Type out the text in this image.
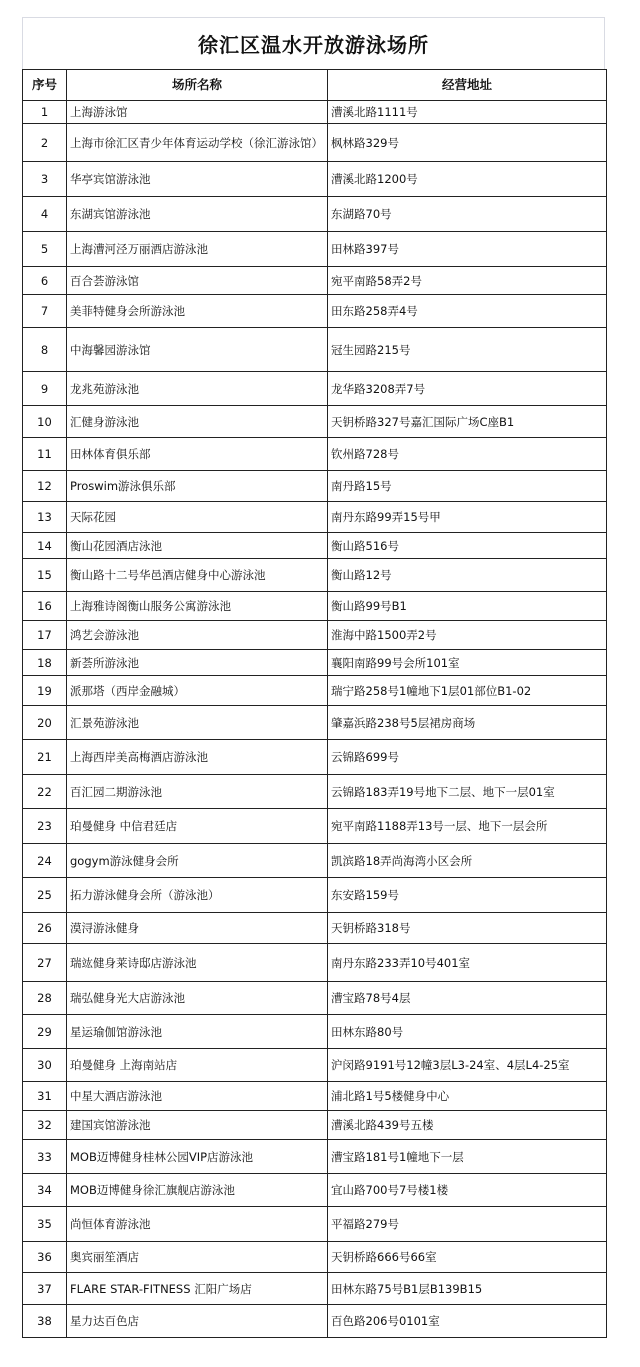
徐汇区温水开放游泳场所
序号	场所名称	经营地址
1	上海游泳馆	漕溪北路1111号
2	上海市徐汇区青少年体育运动学校（徐汇游泳馆）	枫林路329号
3	华亭宾馆游泳池	漕溪北路1200号
4	东湖宾馆游泳池	东湖路70号
5	上海漕河泾万丽酒店游泳池	田林路397号
6	百合荟游泳馆	宛平南路58弄2号
7	美菲特健身会所游泳池	田东路258弄4号
8	中海馨园游泳馆	冠生园路215号
9	龙兆苑游泳池	龙华路3208弄7号
10	汇健身游泳池	天钥桥路327号嘉汇国际广场C座B1
11	田林体育俱乐部	钦州路728号
12	Proswim游泳俱乐部	南丹路15号
13	天际花园	南丹东路99弄15号甲
14	衡山花园酒店泳池	衡山路516号
15	衡山路十二号华邑酒店健身中心游泳池	衡山路12号
16	上海雅诗阁衡山服务公寓游泳池	衡山路99号B1
17	鸿艺会游泳池	淮海中路1500弄2号
18	新荟所游泳池	襄阳南路99号会所101室
19	派那塔（西岸金融城）	瑞宁路258号1幢地下1层01部位B1-02
20	汇景苑游泳池	肇嘉浜路238号5层裙房商场
21	上海西岸美高梅酒店游泳池	云锦路699号
22	百汇园二期游泳池	云锦路183弄19号地下二层、地下一层01室
23	珀曼健身 中信君廷店	宛平南路1188弄13号一层、地下一层会所
24	gogym游泳健身会所	凯滨路18弄尚海湾小区会所
25	拓力游泳健身会所（游泳池）	东安路159号
26	漠浔游泳健身	天钥桥路318号
27	瑞竑健身莱诗邸店游泳池	南丹东路233弄10号401室
28	瑞弘健身光大店游泳池	漕宝路78号4层
29	星运瑜伽馆游泳池	田林东路80号
30	珀曼健身 上海南站店	沪闵路9191号12幢3层L3-24室、4层L4-25室
31	中星大酒店游泳池	浦北路1号5楼健身中心
32	建国宾馆游泳池	漕溪北路439号五楼
33	MOB迈博健身桂林公园VIP店游泳池	漕宝路181号1幢地下一层
34	MOB迈博健身徐汇旗舰店游泳池	宜山路700号7号楼1楼
35	尚恒体育游泳池	平福路279号
36	奥宾丽笙酒店	天钥桥路666号66室
37	FLARE STAR-FITNESS 汇阳广场店	田林东路75号B1层B139B15
38	星力达百色店	百色路206号0101室
